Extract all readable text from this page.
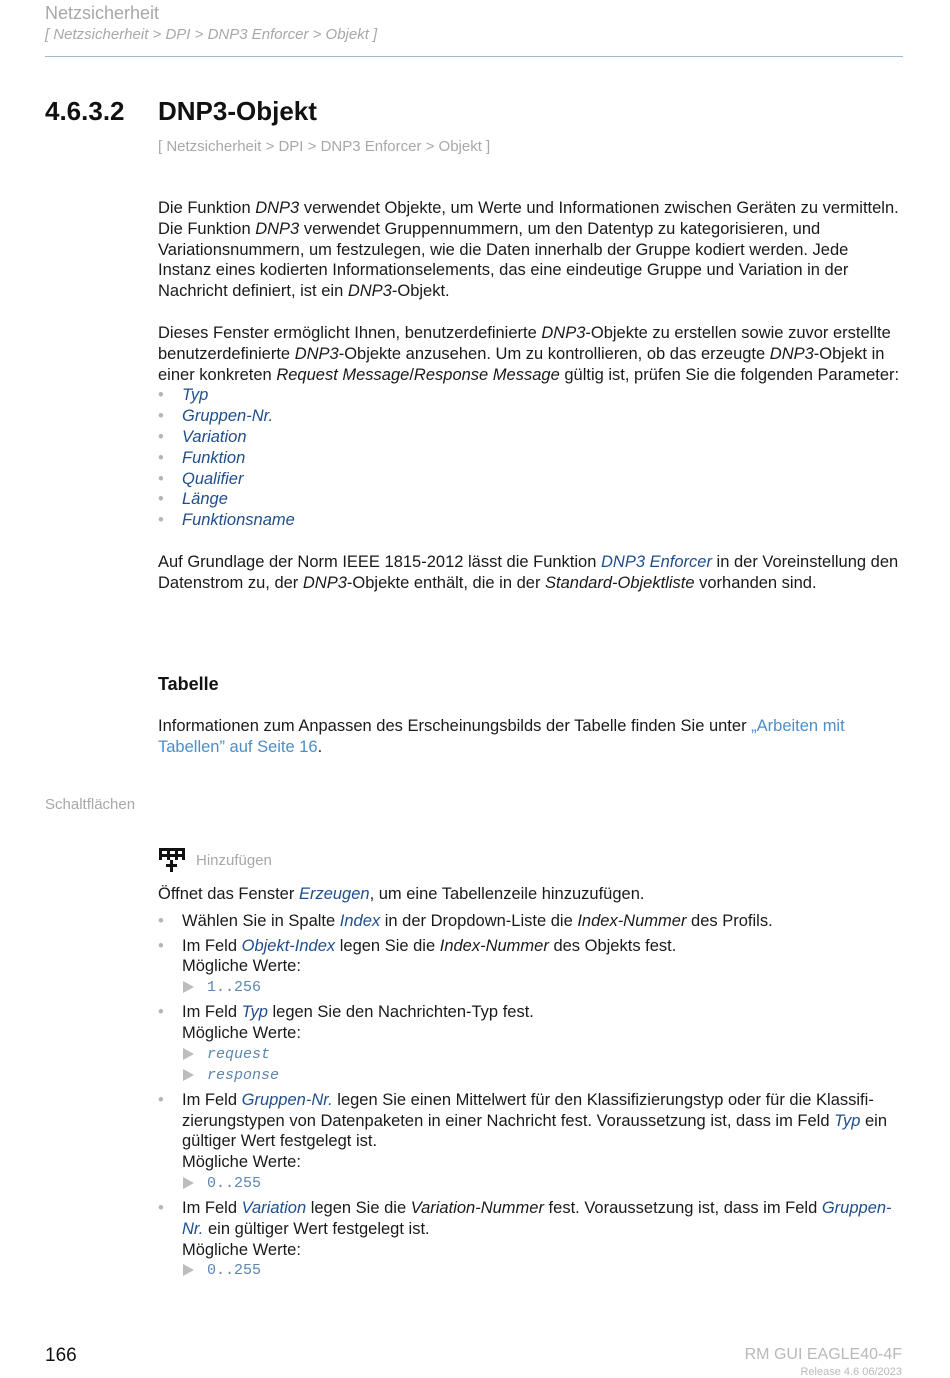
Netzsicherheit
[ Netzsicherheit > DPI > DNP3 Enforcer > Objekt ]
4.6.3.2 DNP3-Objekt
[ Netzsicherheit > DPI > DNP3 Enforcer > Objekt ]

Die Funktion DNP3 verwendet Objekte, um Werte und Informationen zwischen Geräten zu vermitteln. Die Funktion DNP3 verwendet Gruppennummern, um den Datentyp zu kategorisieren, und Variationsnummern, um festzulegen, wie die Daten innerhalb der Gruppe kodiert werden. Jede Instanz eines kodierten Informationselements, das eine eindeutige Gruppe und Variation in der Nachricht definiert, ist ein DNP3-Objekt.

Dieses Fenster ermöglicht Ihnen, benutzerdefinierte DNP3-Objekte zu erstellen sowie zuvor erstellte benutzerdefinierte DNP3-Objekte anzusehen. Um zu kontrollieren, ob das erzeugte DNP3-Objekt in einer konkreten Request Message/Response Message gültig ist, prüfen Sie die folgenden Parameter:

• Typ
• Gruppen-Nr.
• Variation
• Funktion
• Qualifier
• Länge
• Funktionsname

Auf Grundlage der Norm IEEE 1815-2012 lässt die Funktion DNP3 Enforcer in der Voreinstellung den Datenstrom zu, der DNP3-Objekte enthält, die in der Standard-Objektliste vorhanden sind.

Tabelle

Informationen zum Anpassen des Erscheinungsbilds der Tabelle finden Sie unter „Arbeiten mit Tabellen” auf Seite 16.

Schaltflächen
Hinzufügen

Öffnet das Fenster Erzeugen, um eine Tabellenzeile hinzuzufügen.

• Wählen Sie in Spalte Index in der Dropdown-Liste die Index-Nummer des Profils.
• Im Feld Objekt-Index legen Sie die Index-Nummer des Objekts fest.
Mögliche Werte:
1..256
• Im Feld Typ legen Sie den Nachrichten-Typ fest.
Mögliche Werte:
request
response
• Im Feld Gruppen-Nr. legen Sie einen Mittelwert für den Klassifizierungstyp oder für die Klassifizierungstypen von Datenpaketen in einer Nachricht fest. Voraussetzung ist, dass im Feld Typ ein gültiger Wert festgelegt ist.
Mögliche Werte:
0..255
• Im Feld Variation legen Sie die Variation-Nummer fest. Voraussetzung ist, dass im Feld Gruppen-Nr. ein gültiger Wert festgelegt ist.
Mögliche Werte:
0..255
166	RM GUI EAGLE40-4F
Release 4.6 06/2023
